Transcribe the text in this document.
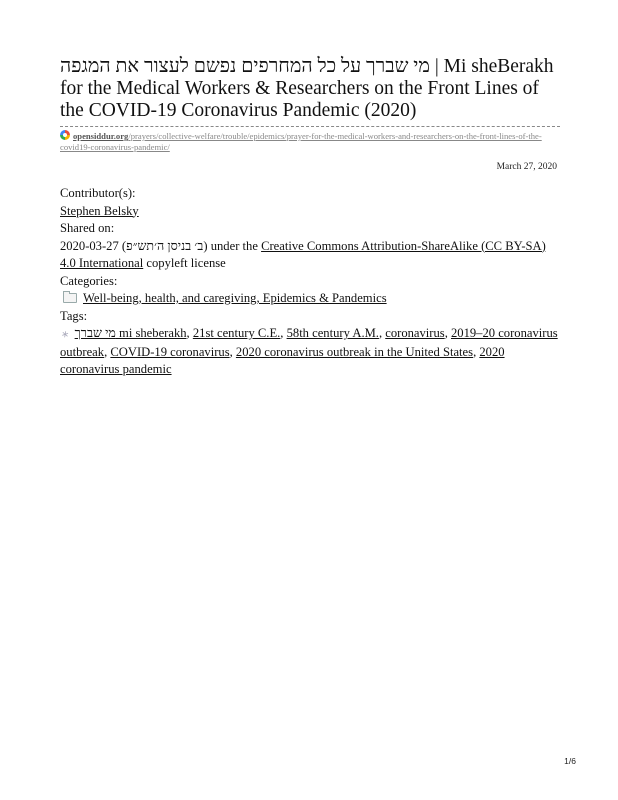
מי שברך על כל המחרפים נפשם לעצור את המגפה | Mi sheBerakh for the Medical Workers & Researchers on the Front Lines of the COVID-19 Coronavirus Pandemic (2020)
opensiddur.org/prayers/collective-welfare/trouble/epidemics/prayer-for-the-medical-workers-and-researchers-on-the-front-lines-of-the-covid19-coronavirus-pandemic/
March 27, 2020
Contributor(s):
Stephen Belsky
Shared on:
2020-03-27 (ב׳ בניסן ה׳תש״פ) under the Creative Commons Attribution-ShareAlike (CC BY-SA) 4.0 International copyleft license
Categories:
Well-being, health, and caregiving, Epidemics & Pandemics
Tags:
⚹ מי שברך mi sheberakh, 21st century C.E., 58th century A.M., coronavirus, 2019–20 coronavirus outbreak, COVID-19 coronavirus, 2020 coronavirus outbreak in the United States, 2020 coronavirus pandemic
1/6
